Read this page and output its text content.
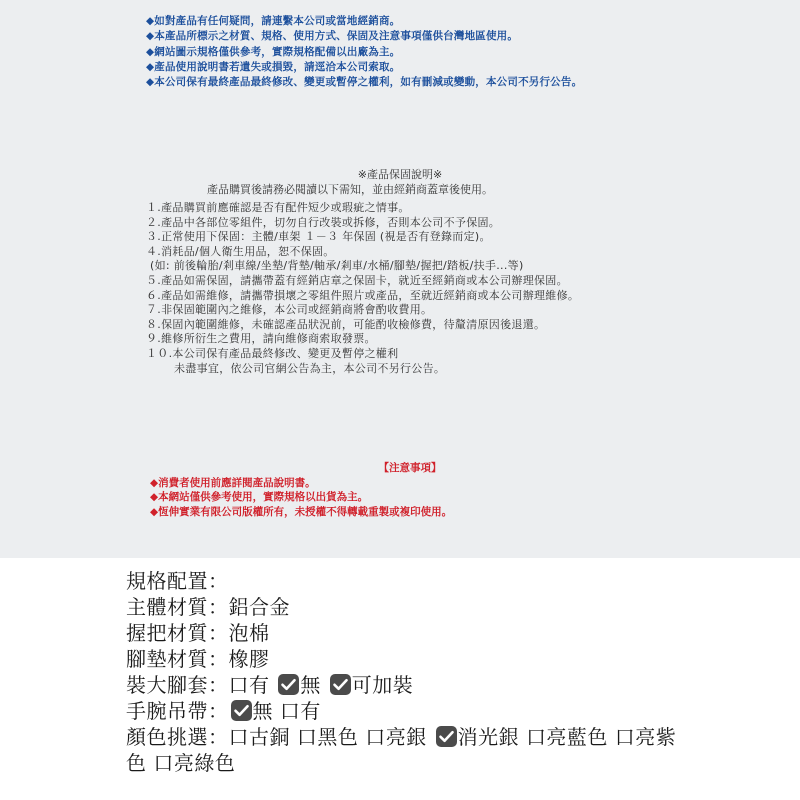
◆如對產品有任何疑問，請連繫本公司或當地經銷商。
◆本產品所標示之材質、規格、使用方式、保固及注意事項僅供台灣地區使用。
◆網站圖示規格僅供參考，實際規格配備以出廠為主。
◆產品使用說明書若遺失或損毀，請逕洽本公司索取。
◆本公司保有最終產品最終修改、變更或暫停之權利，如有刪減或變動，本公司不另行公告。
※產品保固說明※
產品購買後請務必閱讀以下需知，並由經銷商蓋章後使用。
１.產品購買前應確認是否有配件短少或瑕疵之情事。
２.產品中各部位零組件，切勿自行改裝或拆修，否則本公司不予保固。
３.正常使用下保固：主體/車架 １－３ 年保固 (視是否有登錄而定)。
４.消耗品/個人衛生用品，恕不保固。
(如: 前後輪胎/剎車線/坐墊/背墊/軸承/剎車/水桶/腳墊/握把/踏板/扶手...等)
５.產品如需保固，請攜帶蓋有經銷店章之保固卡，就近至經銷商或本公司辦理保固。
６.產品如需維修，請攜帶損壞之零組件照片或產品，至就近經銷商或本公司辦理維修。
７.非保固範圍內之維修，本公司或經銷商將會酌收費用。
８.保固內範圍維修，未確認產品狀況前，可能酌收檢修費，待釐清原因後退還。
９.維修所衍生之費用，請向維修商索取發票。
１０.本公司保有產品最終修改、變更及暫停之權利
未盡事宜，依公司官網公告為主，本公司不另行公告。
【注意事項】
◆消費者使用前應詳閱產品說明書。
◆本網站僅供參考使用，實際規格以出貨為主。
◆恆伸實業有限公司版權所有，未授權不得轉載重製或複印使用。
規格配置：
主體材質：鋁合金
握把材質：泡棉
腳墊材質：橡膠
裝大腳套：口有 無 可加裝
手腕吊帶： 無 口有
顏色挑選：口古銅 口黑色 口亮銀 消光銀 口亮藍色 口亮紫色 口亮綠色
